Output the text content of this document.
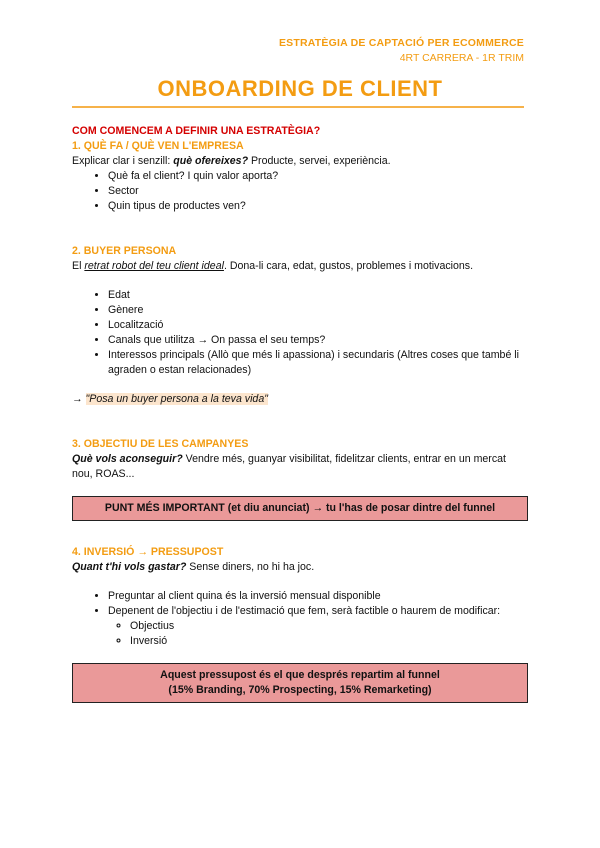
ESTRATÈGIA DE CAPTACIÓ PER ECOMMERCE
4RT CARRERA - 1R TRIM
ONBOARDING DE CLIENT

COM COMENCEM A DEFINIR UNA ESTRATÈGIA?

1. QUÈ FA / QUÈ VEN L'EMPRESA

Explicar clar i senzill: què ofereixes? Producte, servei, experiència.

• Què fa el client? I quin valor aporta?
• Sector
• Quin tipus de productes ven?

2. BUYER PERSONA

El retrat robot del teu client ideal. Dona-li cara, edat, gustos, problemes i motivacions.

• Edat
• Gènere
• Localització
• Canals que utilitza → On passa el seu temps?
• Interessos principals (Allò que més li apassiona) i secundaris (Altres coses que també li agraden o estan relacionades)

→ "Posa un buyer persona a la teva vida"

3. OBJECTIU DE LES CAMPANYES

Què vols aconseguir? Vendre més, guanyar visibilitat, fidelitzar clients, entrar en un mercat nou, ROAS...

PUNT MÉS IMPORTANT (et diu anunciat) → tu l'has de posar dintre del funnel

4. INVERSIÓ → PRESSUPOST

Quant t'hi vols gastar? Sense diners, no hi ha joc.

• Preguntar al client quina és la inversió mensual disponible
• Depenent de l'objectiu i de l'estimació que fem, serà factible o haurem de modificar:
◦ Objectius
◦ Inversió
Aquest pressupost és el que després repartim al funnel
(15% Branding, 70% Prospecting, 15% Remarketing)
